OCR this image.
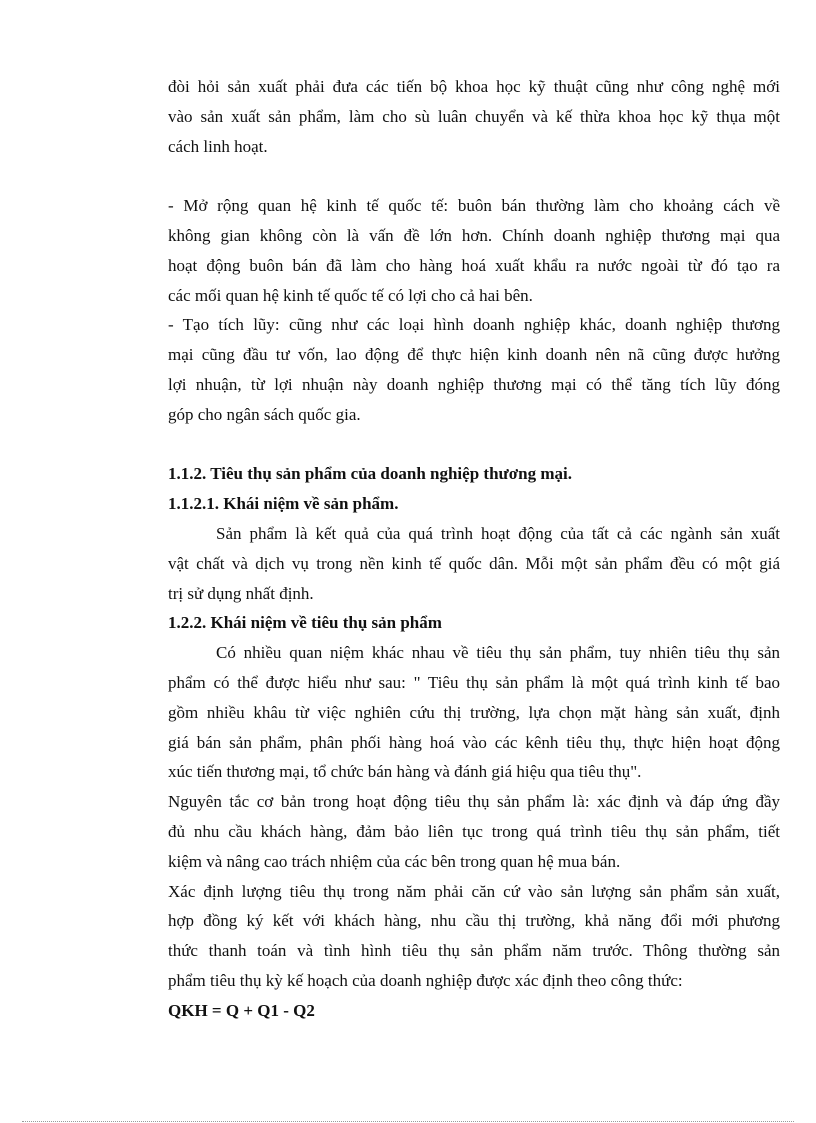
đòi hỏi sản xuất phải đưa các tiến bộ khoa học kỹ thuật cũng như công nghệ mới
vào sản xuất sản phẩm, làm cho sù luân chuyển và kế thừa khoa học kỹ thụa một
cách linh hoạt.
- Mở rộng quan hệ kinh tế quốc tế: buôn bán thường làm cho khoảng cách về
không gian không còn là vấn đề lớn hơn. Chính doanh nghiệp thương mại qua
hoạt động buôn bán đã làm cho hàng hoá xuất khẩu ra nước ngoài từ đó tạo ra
các mối quan hệ kinh tế quốc tế có lợi cho cả hai bên.
- Tạo tích lũy: cũng như các loại hình doanh nghiệp khác, doanh nghiệp thương
mại cũng đầu tư vốn, lao động để thực hiện kinh doanh nên nã cũng được hưởng
lợi nhuận, từ lợi nhuận này doanh nghiệp thương mại có thể tăng tích lũy đóng
góp cho ngân sách quốc gia.
1.1.2. Tiêu thụ sản phẩm của doanh nghiệp thương mại.
1.1.2.1. Khái niệm về sản phẩm.
Sản phẩm là kết quả của quá trình hoạt động của tất cả các ngành sản xuất
vật chất và dịch vụ trong nền kinh tế quốc dân. Mỗi một sản phẩm đều có một giá
trị sử dụng nhất định.
1.2.2. Khái niệm về tiêu thụ sản phẩm
Có nhiều quan niệm khác nhau về tiêu thụ sản phẩm, tuy nhiên tiêu thụ sản
phẩm có thể được hiểu như sau: " Tiêu thụ sản phẩm là một quá trình kinh tế bao
gồm nhiều khâu từ việc nghiên cứu thị trường, lựa chọn mặt hàng sản xuất, định
giá bán sản phẩm, phân phối hàng hoá vào các kênh tiêu thụ, thực hiện hoạt động
xúc tiến thương mại, tổ chức bán hàng và đánh giá hiệu qua tiêu thụ".
Nguyên tắc cơ bản trong hoạt động tiêu thụ sản phẩm là: xác định và đáp ứng đầy
đủ nhu cầu khách hàng, đảm bảo liên tục trong quá trình tiêu thụ sản phẩm, tiết
kiệm và nâng cao trách nhiệm của các bên trong quan hệ mua bán.
Xác định lượng tiêu thụ trong năm phải căn cứ vào sản lượng sản phẩm sản xuất,
hợp đồng ký kết với khách hàng, nhu cầu thị trường, khả năng đổi mới phương
thức thanh toán và tình hình tiêu thụ sản phẩm năm trước. Thông thường sản
phẩm tiêu thụ kỳ kế hoạch của doanh nghiệp được xác định theo công thức:
QKH = Q + Q1 - Q2
